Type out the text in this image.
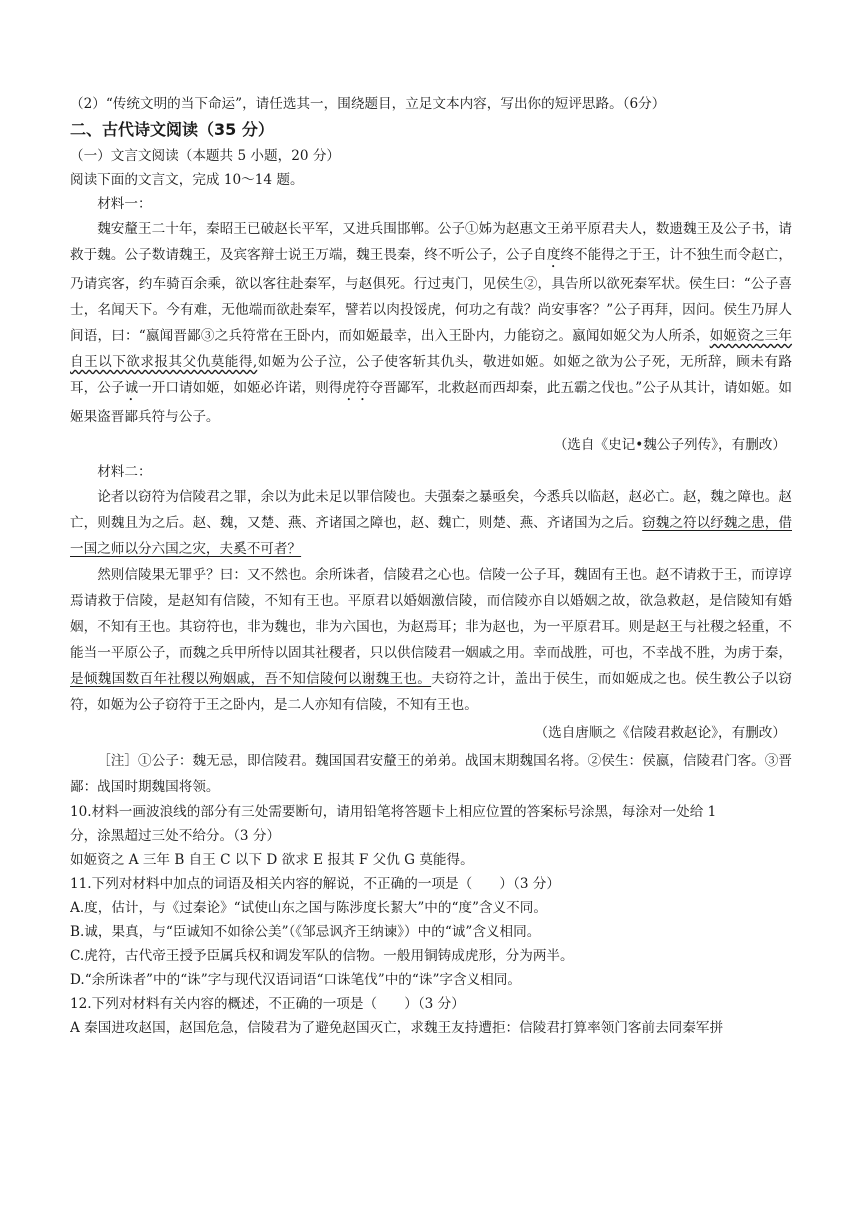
（2）“传统文明的当下命运”，请任选其一，围绕题目，立足文本内容，写出你的短评思路。（6分）
二、古代诗文阅读（35 分）
（一）文言文阅读（本题共 5 小题，20 分）
阅读下面的文言文，完成 10～14 题。
材料一：
魏安釐王二十年，秦昭王已破赵长平军，又进兵围邯郸。公子①姊为赵惠文王弟平原君夫人，数遗魏王及公子书，请救于魏。公子数请魏王，及宾客辩士说王万端，魏王畏秦，终不听公子，公子自度终不能得之于王，计不独生而令赵亡，乃请宾客，约车骑百余乘，欲以客往赴秦军，与赵俱死。行过夷门，见侯生②，具告所以欲死秦军状。侯生曰：“公子喜士，名闻天下。今有难，无他端而欲赴秦军，譬若以肉投馁虎，何功之有哉？尚安事客？”公子再拜，因问。侯生乃屏人间语，曰：“嬴闻晋鄙③之兵符常在王卧内，而如姬最幸，出入王卧内，力能窃之。嬴闻如姬父为人所杀，如姬资之三年自王以下欲求报其父仇莫能得,如姬为公子泣，公子使客斩其仇头，敬进如姬。如姬之欲为公子死，无所辞，顾未有路耳，公子诚一开口请如姬，如姬必许诺，则得虎符夺晋鄙军，北救赵而西却秦，此五霸之伐也。”公子从其计，请如姬。如姬果盗晋鄙兵符与公子。
（选自《史记•魏公子列传》，有删改）
材料二：
论者以窃符为信陵君之罪，余以为此未足以罪信陵也。夫强秦之暴亟矣，今悉兵以临赵，赵必亡。赵，魏之障也。赵亡，则魏且为之后。赵、魏，又楚、燕、齐诸国之障也，赵、魏亡，则楚、燕、齐诸国为之后。窃魏之符以纾魏之患，借一国之师以分六国之灾，夫奚不可者？
然则信陵果无罪乎？曰：又不然也。余所诛者，信陵君之心也。信陵一公子耳，魏固有王也。赵不请救于王，而谆谆焉请救于信陵，是赵知有信陵，不知有王也。平原君以婚姻激信陵，而信陵亦自以婚姻之故，欲急救赵，是信陵知有婚姻，不知有王也。其窃符也，非为魏也，非为六国也，为赵焉耳；非为赵也，为一平原君耳。则是赵王与社稷之轻重，不能当一平原公子，而魏之兵甲所恃以固其社稷者，只以供信陵君一姻戚之用。幸而战胜，可也，不幸战不胜，为虏于秦，是倾魏国数百年社稷以殉姻戚，吾不知信陵何以谢魏王也。夫窃符之计，盖出于侯生，而如姬成之也。侯生教公子以窃符，如姬为公子窃符于王之卧内，是二人亦知有信陵，不知有王也。
（选自唐顺之《信陵君救赵论》，有删改）
［注］①公子：魏无忌，即信陵君。魏国国君安釐王的弟弟。战国末期魏国名将。②侯生：侯嬴，信陵君门客。③晋鄙：战国时期魏国将领。
10.材料一画波浪线的部分有三处需要断句，请用铅笔将答题卡上相应位置的答案标号涂黑，每涂对一处给 1
分，涂黑超过三处不给分。（3 分）
如姬资之 A 三年 B 自王 C 以下 D 欲求 E 报其 F 父仇 G 莫能得。
11.下列对材料中加点的词语及相关内容的解说，不正确的一项是（　　）（3 分）
A.度，估计，与《过秦论》“试使山东之国与陈涉度长絜大”中的“度”含义不同。
B.诚，果真，与“臣诚知不如徐公美”（《邹忌讽齐王纳谏》）中的“诚”含义相同。
C.虎符，古代帝王授予臣属兵权和调发军队的信物。一般用铜铸成虎形，分为两半。
D.“余所诛者”中的“诛”字与现代汉语词语“口诛笔伐”中的“诛”字含义相同。
12.下列对材料有关内容的概述，不正确的一项是（　　）（3 分）
A 秦国进攻赵国，赵国危急，信陵君为了避免赵国灭亡，求魏王友持遭拒：信陵君打算率领门客前去同秦军拼
